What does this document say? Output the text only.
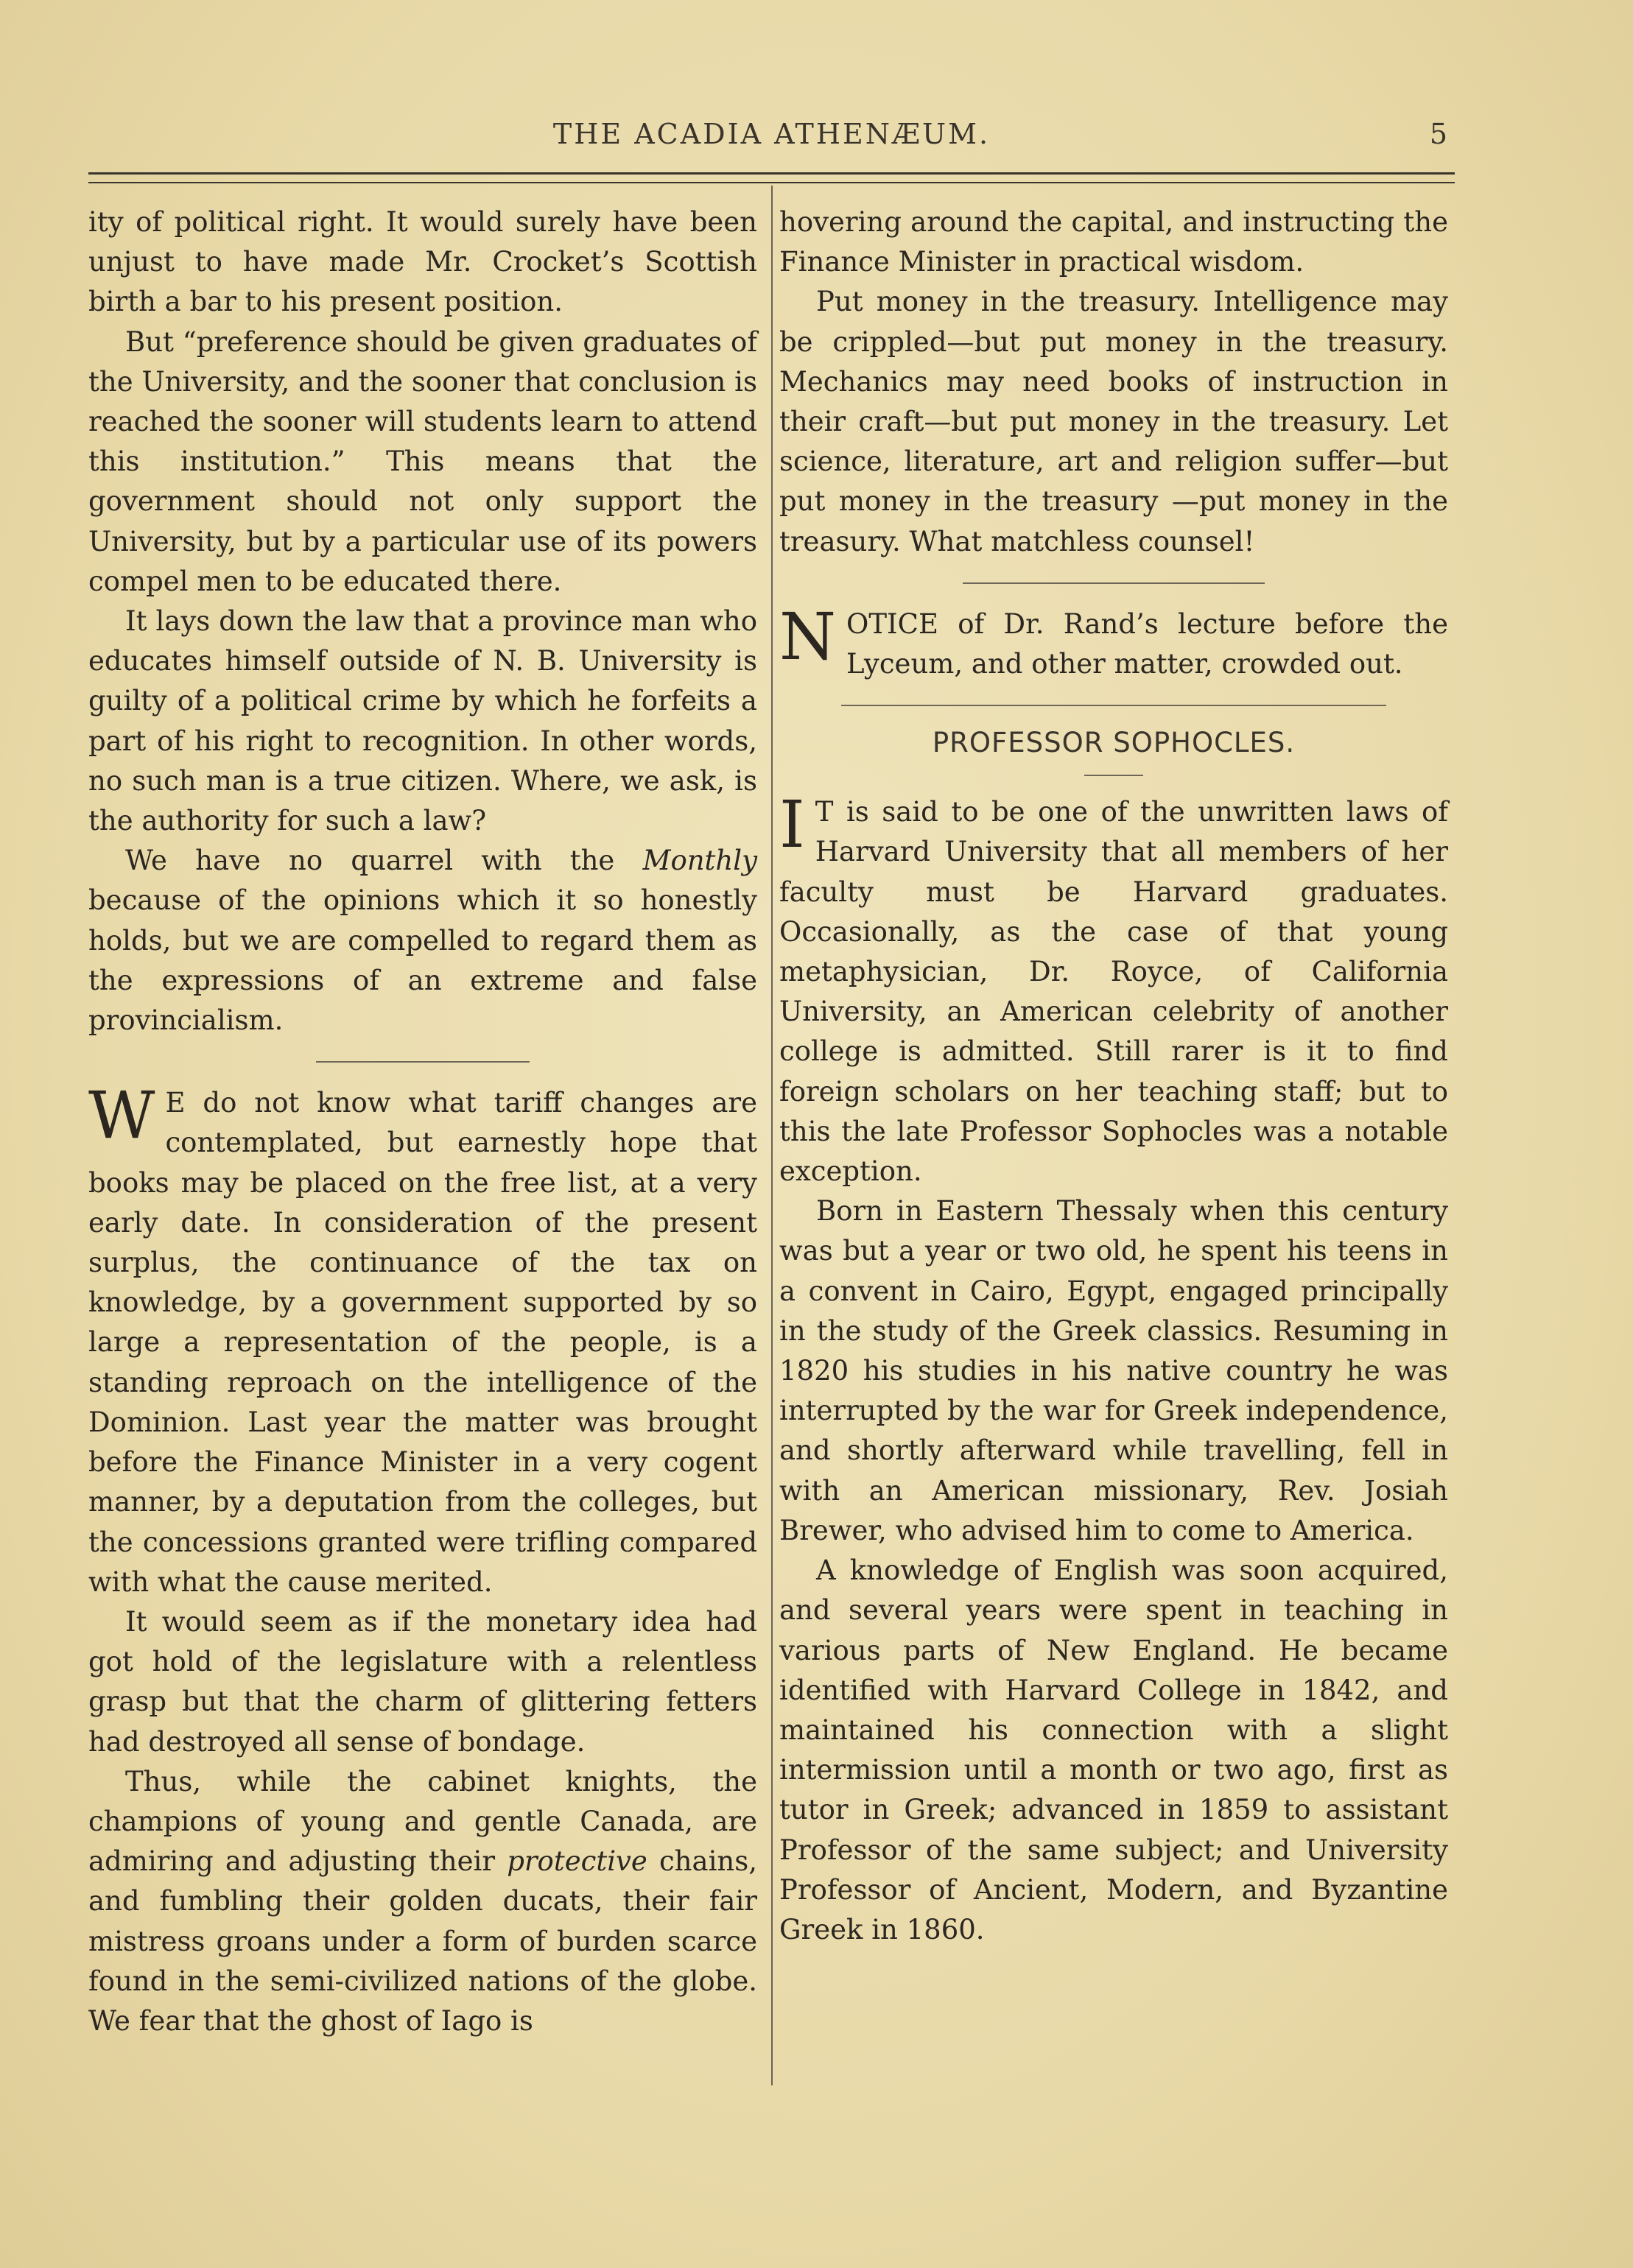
THE ACADIA ATHENÆUM.	5

ity of political right. It would surely have been unjust to have made Mr. Crocket’s Scottish birth a bar to his present position.

But “preference should be given graduates of the University, and the sooner that conclusion is reached the sooner will students learn to attend this institution.” This means that the government should not only support the University, but by a particular use of its powers compel men to be educated there.

It lays down the law that a province man who educates himself outside of N. B. University is guilty of a political crime by which he forfeits a part of his right to recognition. In other words, no such man is a true citizen. Where, we ask, is the authority for such a law?

We have no quarrel with the Monthly because of the opinions which it so honestly holds, but we are compelled to regard them as the expressions of an extreme and false provincialism.

W E do not know what tariff changes are contemplated, but earnestly hope that books may be placed on the free list, at a very early date. In consideration of the present surplus, the continuance of the tax on knowledge, by a government supported by so large a representation of the people, is a standing reproach on the intelligence of the Dominion. Last year the matter was brought before the Finance Minister in a very cogent manner, by a deputation from the colleges, but the concessions granted were trifling compared with what the cause merited.

It would seem as if the monetary idea had got hold of the legislature with a relentless grasp but that the charm of glittering fetters had destroyed all sense of bondage.

Thus, while the cabinet knights, the champions of young and gentle Canada, are admiring and adjusting their protective chains, and fumbling their golden ducats, their fair mistress groans under a form of burden scarce found in the semi-civilized nations of the globe. We fear that the ghost of Iago is

hovering around the capital, and instructing the Finance Minister in practical wisdom.

Put money in the treasury. Intelligence may be crippled—but put money in the treasury. Mechanics may need books of instruction in their craft—but put money in the treasury. Let science, literature, art and religion suffer—but put money in the treasury —put money in the treasury. What matchless counsel!

NOTICE of Dr. Rand’s lecture before the Lyceum, and other matter, crowded out.

PROFESSOR SOPHOCLES.

I T is said to be one of the unwritten laws of Harvard University that all members of her faculty must be Harvard graduates. Occasionally, as the case of that young metaphysician, Dr. Royce, of California University, an American celebrity of another college is admitted. Still rarer is it to find foreign scholars on her teaching staff; but to this the late Professor Sophocles was a notable exception.

Born in Eastern Thessaly when this century was but a year or two old, he spent his teens in a convent in Cairo, Egypt, engaged principally in the study of the Greek classics. Resuming in 1820 his studies in his native country he was interrupted by the war for Greek independence, and shortly afterward while travelling, fell in with an American missionary, Rev. Josiah Brewer, who advised him to come to America.

A knowledge of English was soon acquired, and several years were spent in teaching in various parts of New England. He became identified with Harvard College in 1842, and maintained his connection with a slight intermission until a month or two ago, first as tutor in Greek; advanced in 1859 to assistant Professor of the same subject; and University Professor of Ancient, Modern, and Byzantine Greek in 1860.
